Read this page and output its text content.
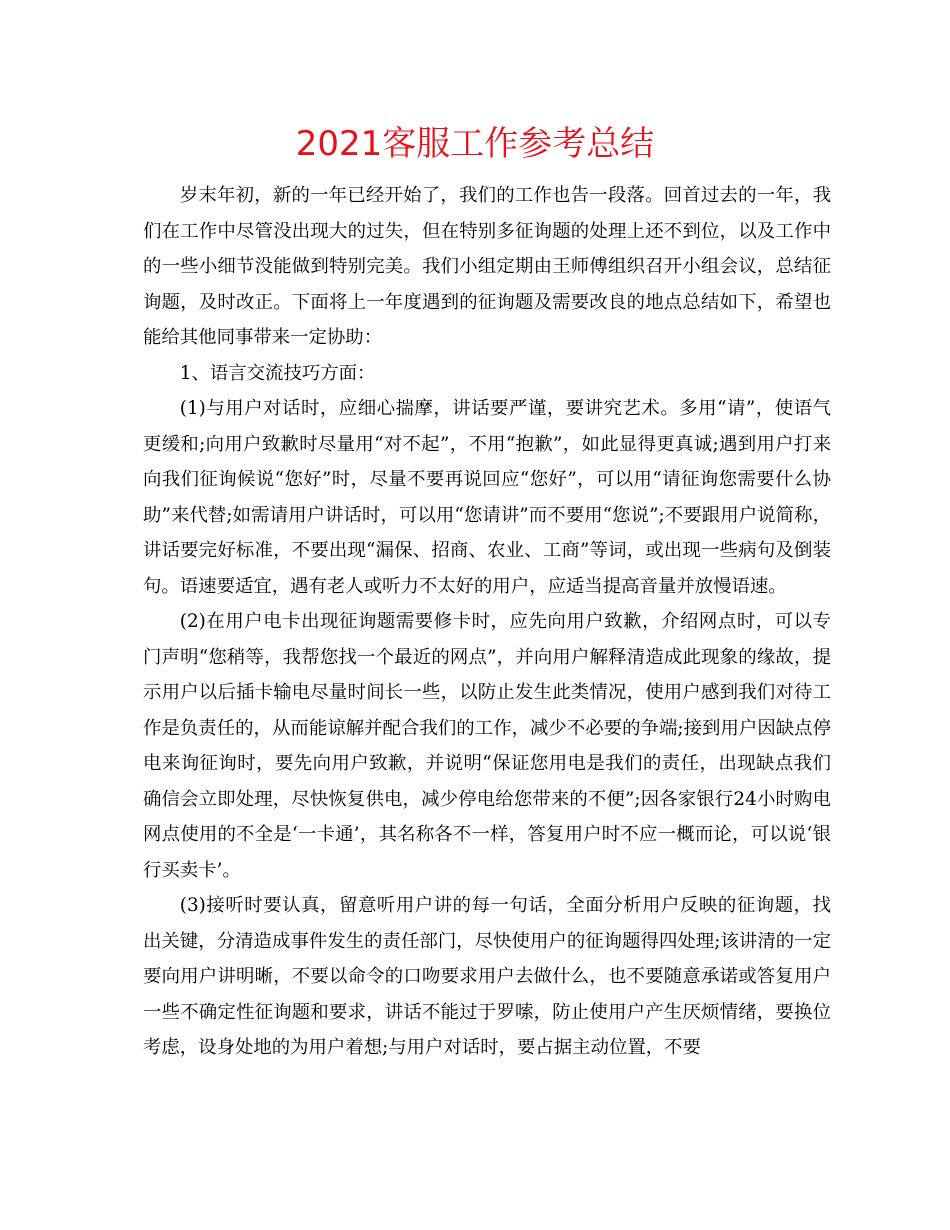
2021客服工作参考总结

岁末年初，新的一年已经开始了，我们的工作也告一段落。回首过去的一年，我们在工作中尽管没出现大的过失，但在特别多征询题的处理上还不到位，以及工作中的一些小细节没能做到特别完美。我们小组定期由王师傅组织召开小组会议，总结征询题，及时改正。下面将上一年度遇到的征询题及需要改良的地点总结如下，希望也能给其他同事带来一定协助：

1、语言交流技巧方面：

(1)与用户对话时，应细心揣摩，讲话要严谨，要讲究艺术。多用“请”，使语气更缓和;向用户致歉时尽量用“对不起”，不用“抱歉”，如此显得更真诚;遇到用户打来向我们征询候说“您好”时，尽量不要再说回应“您好”，可以用“请征询您需要什么协助”来代替;如需请用户讲话时，可以用“您请讲”而不要用“您说”;不要跟用户说简称，讲话要完好标准，不要出现“漏保、招商、农业、工商”等词，或出现一些病句及倒装句。语速要适宜，遇有老人或听力不太好的用户，应适当提高音量并放慢语速。

(2)在用户电卡出现征询题需要修卡时，应先向用户致歉，介绍网点时，可以专门声明“您稍等，我帮您找一个最近的网点”，并向用户解释清造成此现象的缘故，提示用户以后插卡输电尽量时间长一些，以防止发生此类情况，使用户感到我们对待工作是负责任的，从而能谅解并配合我们的工作，减少不必要的争端;接到用户因缺点停电来询征询时，要先向用户致歉，并说明“保证您用电是我们的责任，出现缺点我们确信会立即处理，尽快恢复供电，减少停电给您带来的不便”;因各家银行24小时购电网点使用的不全是‘一卡通’，其名称各不一样，答复用户时不应一概而论，可以说‘银行买卖卡’。

(3)接听时要认真，留意听用户讲的每一句话，全面分析用户反映的征询题，找出关键，分清造成事件发生的责任部门，尽快使用户的征询题得四处理;该讲清的一定要向用户讲明晰，不要以命令的口吻要求用户去做什么，也不要随意承诺或答复用户一些不确定性征询题和要求，讲话不能过于罗嗦，防止使用户产生厌烦情绪，要换位考虑，设身处地的为用户着想;与用户对话时，要占据主动位置，不要
